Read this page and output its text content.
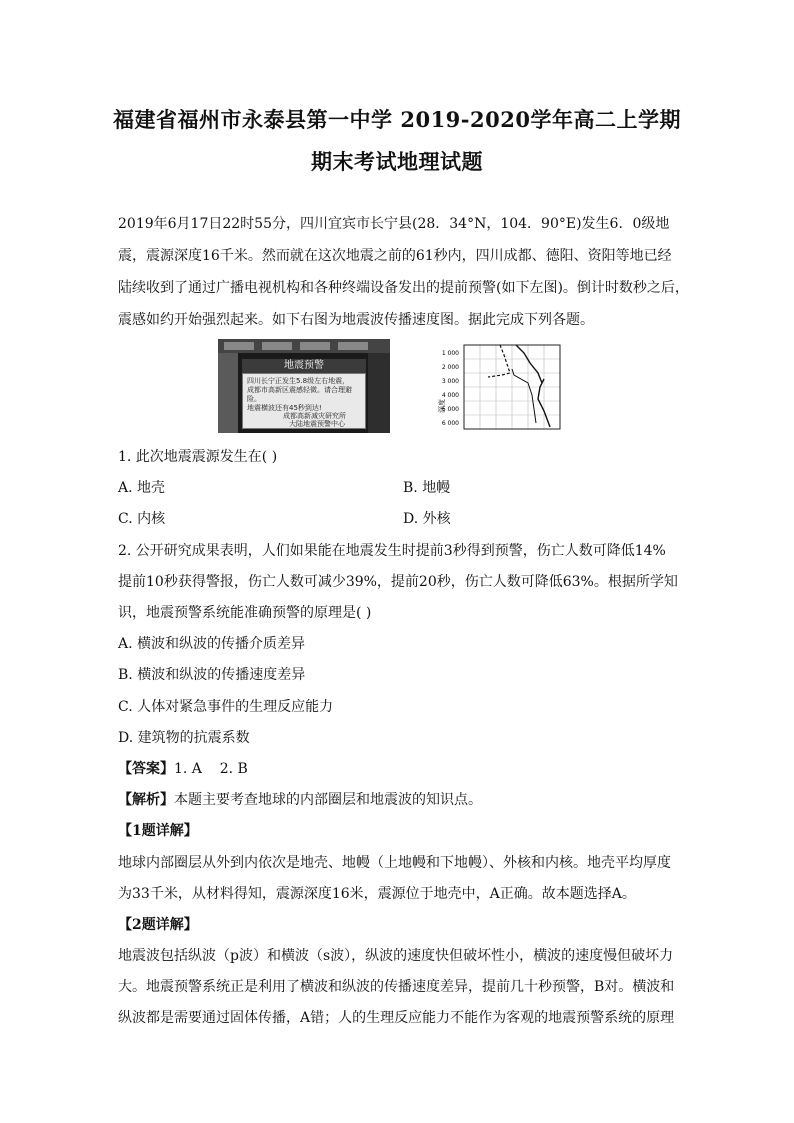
福建省福州市永泰县第一中学 2019-2020学年高二上学期
期末考试地理试题
2019年6月17日22时55分，四川宜宾市长宁县(28．34°N，104．90°E)发生6．0级地
震，震源深度16千米。然而就在这次地震之前的61秒内，四川成都、德阳、资阳等地已经
陆续收到了通过广播电视机构和各种终端设备发出的提前预警(如下左图)。倒计时数秒之后，
震感如约开始强烈起来。如下右图为地震波传播速度图。据此完成下列各题。
地震预警
四川长宁正发生5.8级左右地震，
成都市高新区震感轻微。请合理避
险。
地震横波还有45秒到达!
成都高新减灾研究所
大陆地震预警中心
1 000
2 000
3 000
4 000
5 000
6 000
深度
1. 此次地震震源发生在( )
A. 地壳	B. 地幔
C. 内核	D. 外核
2. 公开研究成果表明，人们如果能在地震发生时提前3秒得到预警，伤亡人数可降低14%
提前10秒获得警报，伤亡人数可减少39%，提前20秒，伤亡人数可降低63%。根据所学知
识，地震预警系统能准确预警的原理是( )
A. 横波和纵波的传播介质差异
B. 横波和纵波的传播速度差异
C. 人体对紧急事件的生理反应能力
D. 建筑物的抗震系数
【答案】1. A    2. B
【解析】本题主要考查地球的内部圈层和地震波的知识点。
【1题详解】
地球内部圈层从外到内依次是地壳、地幔（上地幔和下地幔）、外核和内核。地壳平均厚度
为33千米，从材料得知，震源深度16米，震源位于地壳中，A正确。故本题选择A。
【2题详解】
地震波包括纵波（p波）和横波（s波），纵波的速度快但破坏性小，横波的速度慢但破坏力
大。地震预警系统正是利用了横波和纵波的传播速度差异，提前几十秒预警，B对。横波和
纵波都是需要通过固体传播，A错；人的生理反应能力不能作为客观的地震预警系统的原理
